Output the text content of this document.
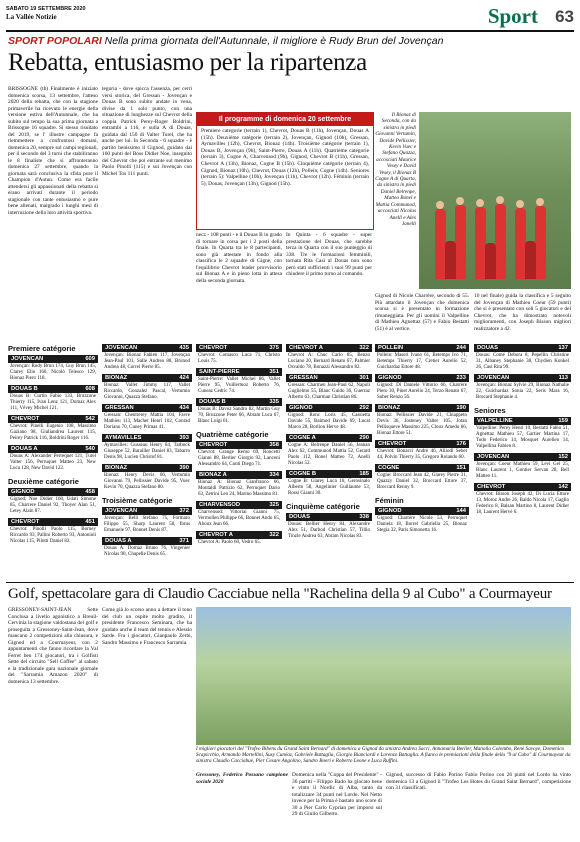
SABATO 19 SETTEMBRE 2020
La Vallée Notizie	Sport 63
SPORT POPOLARI Nella prima giornata dell'Autunnale, il migliore è Rudy Brun del Jovençan
Rebatta, entusiasmo per la ripartenza
BRISSOGNE (tb) Finalmente è iniziato domenica scorsa, 13 settembre, l'atteso 2020 della rebatta, che con la stagione primaverile ha ricevuto le energie della versione estiva dell'Autunnale, che ha subito sul tempo la sua prima giornata a Brissogne 16 squadre. Si stesso risultato del 2019, se l' illustre campagne fa riemmettere a confrontosi domani, domenica 20, sempre sul campi regionali, per il secondo del 3 turni che stabiliranno le 8 finaliste che si affronteranno domenica 27 settembre, quando la giornata sarà conclusiva la sfida pure il Champion d'Autun. Come era facile attendersi gli appassionati della rebatta si erano arrivati durante il periodo stagionale con tante entusiasmo e pure bene allenati, malgrado i lunghi mesi di interruzione della loro attività sportiva.
tegoria - dove spicca l'assenza, per cerri versi storica, del Gressan - Jovençan e Douas B sono subito andate in vena, divise da 1 solo punto, con una situazione di lunghezze sul Chevrot della coppia Patrick Perey-Roger Boldrini, entrambi a 116, e sulla A di Douas, guidata dal 150 di Valter Turel, che ha anche per lui. In Seconda - 6 squadre - è partito benissimo il Gignod, guidato dai 160 punti del Boss Didier Noe, insegnito del Chevrot che poi entrante sul menimo Paolo Pinolli (115) e sui Jovençan con Michel Tos 111 punti.
Il programme di domenica 20 settembre
Premiere categorie (terrain 1), Chevrot, Douas B (11h), Jovençan, Douas A (15h). Deuxième catégorie (terrain 2), Jovençan, Gignod (10h), Gressan, Aymavilles (12h), Chevrot, Bionaz (14h). Troisième catégorie (terrain 1), Douas B, Jovençan (9h), Saint-Pierre, Douas A (11h). Quatrième catégorie (terrain 3), Cogne A, Charvensod (9h), Gignod, Chevrot B (11h), Gressan, Chevrot A (13h), Bionaz, Cogne B (15h). Cinquième catégorie (terrain 4), Gignod, Bionaz (10h), Chevrot, Douas (12h), Pollein, Cogne (14h). Seniores (terrain 5): Valpelline (10h), Jovençan (11h), Chevrot (12h). Féminin (terrain 5), Douas, Jovençan (13h), Gignod (15h).
necz - 108 punti - e il Douas B in grado di tornare in corsa per i 2 posti della finale. In Quarta tra le 8 partecipanti, sono già attestate in fondo alla classifica le 2 squadre di Gigne, con l'equilibrio Chevrot leader provvisorio sul Bionaz A e in pieno lotta in attesa della seconda giornata.
In Quinta - 6 squadre - super prestazione del Douas, che sarebbe terza in Quarta con il suo punteggio di 338. Tre le formazioni femminili, tornata Rita Casi al Douas non sono però stati sufficienti i suoi 99 punti per chiudere il primo turno al comando.
Il Bionaz di Seconda, con da sinistra in piedi Giovanni Vertumin, Davide Pellissier, Kevin Vuec e Stefano Quazza, accosciati Maurice Vesey e David Vesey, il Bionaz B Cogne A di Quarta, da sinistra in piedi Daniel Belrenpe, Matteo Bonel e Mattia Communod, accosciati Nicolas Anelli e Alex Janelli
Gignod di Nicole Charrère, secondo di 55. Più attardato il Jovençan che domenica scorsa si è presentato in formazione rimaneggiata. Per gli uomini il Valpelline di Mathieu Agnettaz (57) e Fabio Bestatti (51) è al vertice.
10 nel finale) guida la classifica e 5 seguito del Jovençan di Mathieu Coeur (59 punti) che si è presentato con soli 5 giocatori e del Chevrot, che ha dimostrato notevoli miglioramenti, con Joseph Bisson migliori realizzatore a 42.
Premiere catégorie
JOVENCAN	609
Jovençan: Rudy Brun 174, Guy Brun 145, Clarey Elio 160, Nicolò Telesco 129, Bionaz Piero 118.
DOUAS B	608
Douas B: Curtin Fabio 133, Bruzzone Thierry 115, Ivan Lenz 121, Domaz Alex 111, Vévey Michel 121.
CHEVROT	542
Chevrot: Pinelli Eugenio 108, Massimo Gaziano 98, Giuliandrea Laurent 115, Peirey Patrick 116, Boldrini Roger 116.
DOUAS A	540
Douas A: Alexander Perrequet 121, Turel Valter 156, Perruquet Matteo 23, New Luca 128, New David 122.
Deuxième catégorie
GIGNOD	458
Gignod: Noe Didier 160, Udati Simone 85, Charrere Daniel 92, Thoyer Alan 51, Letey Alain 87.
CHEVROT	451
Chevrot: Pinolli Paolo 115, Borney Riccardo 93, Pallini Roberto 93, Antonioli Nicolas 115, Pilotti Daniel 82.
JOVENCAN	435
Jovençan: Bionaz Fabien 117, Jovençan Jean-Paul 101, Salle Andrea 88, Brunod Andrea 48, Correl Pierre 85.
BIONAZ	424
Bionaz: Vallet Jimmy 117, Vallet Riccardo, Gonzalez Pascal, Vertumin Giovanni, Quazza Stefano.
GRESSAN	434
Gressan: Chentrerey Mattia 104, Favre Mathieu 113, Machet Henri 102, Conrad Doriano 70, Cuney Primas 41.
AYMAVILLES	393
Aymavilles: Gusseau Henry 84, Tarbock Giuseppe 52, Barailler Daniel 83, Tabarro Denis 98, Lucien Christof 81.
BIONAZ	390
Bionaz: Henry Devis 66, Vertumin Giovanni 79, Pellissier Davide 95, Vuec Kevin 70, Quazza Stefano 80.
Troisième catégorie
JOVENCAN	372
Jovençan: Belli Stefano 75, Formaro Filippo 55, Sharp Laurent 58, Ibrus Emanuele 97, Bonnet Denis 87.
DOUAS A	371
Douas A: Domaz Bruno 76, Vingenier Nicolas 90, Chapelle Denis 65.
CHEVROT	375
Chevrot: Comasco Luca 71, Christo Louis 75.
SAINT-PIERRE	351
Saint-Pierre: Vallet Michel 86, Vallet Pierre 95, Vuillermoz Roberto 76, Cuneaz Cedric 74.
DOUAS B	335
Douas B: Davoz Sandro 82, Martin Guy 70, Bruzzone Peter 66, Abram Luca 67, Blanc Luigi 61.
Quatrième catégorie
CHEVROT	358
Chevrot: Grange Remo 69, Roncetti Gianni 88, Berlier Giorgio 92, Lanceni Alessandro 64, Conti Diego 71.
BIONAZ A	334
Bionaz A: Bionaz Gianfranco 66, Montaldi Patrizio 62, Perruquet Dario 63, Zetrini Leo 24, Marino Massimo 81.
CHARVENSOD	325
Charvensod: Vittoriai Gianni 75, Vermollen Philippe 66, Bonnet Ando 65, Aboux Jean 66.
CHEVROT A	322
Chevrot A: Paolo 60, Vedro 65.
CHEVROT A	322
Chevrot A: Chuc Carlo 85, Benzo Luciano 20, Bernard Renato 67, Palmier Osvaldo 78, Bonazzi Alessandro 82.
GRESSAN	301
Gressan: Charmen Jean-Paul 62, Napoli Guglielmo 55, Blanc Guido 36, Guerraz Alberto 63, Charman Christian 86.
GIGNOD	292
Gignod: Ronc Loris 45, Cassietta Davide 55, Baimod Davide 69, Lucat Marco 28, Borlion Herve 48.
COGNE A	290
Cogne A: Belrenpe Daniel 56, Jeanan Alex 62, Communod Mattia 52, Gerard Paolo 112, Bonel Matteo 72, Anelli Nicolas 52.
COGNE B	185
Cogne B: Glarey Luca 16, Gerosinalo Alberto 58, Angelinier Guillaume 53, Rossi Gianni 30.
Cinquième catégorie
DOUAS	338
Douas: Bellier Henry 84, Alexandre Alex 51, Darbod Christian 57, Tillio Tinzle Andrea 63, Abram Nicolas 83.
POLLEIN	244
Pollein: Maseri Ivano 61, Betemps Ivo 71, Betemps Thierry 17, Cretier Aurelio 52, Guichardaz Ettore 48.
GIGNOD	233
Gignod: Di Daniele Vittorio 66, Charrère Piero 30, Pinet Aurelio 24, Terzo Renato 67, Suber Renzo 56.
BIONAZ	190
Bionaz: Pellissier Davide 21, Chiappeto Devis 36, Josteney Valter 105, Jotan Pellisqueve Massimo 225, Cloux Amedo 66, Bionaz Ettore 51.
CHEVROT	176
Chevrot: Bonacci Andrè 46, Alliodi Sebet 44, Polvin Thierry 35, Gregoro Rolando 60.
COGNE	151
Cogne: Broccard Jean 42, Glarey Pierre 31, Quazzy Daniel 32, Broccard Ettore 37, Broccard Renny 9.
Féminin
GIGNOD	144
Gignod: Charrère Nicole 53, Perruquet Daniela 18, Borrel Gabriella 25, Bionaz Stegia 32, Paris Simonetta 16.
DOUAS	137
Douas: Comé Debora 8, Pepellin Christine 31, Albaney Stephanie 38, Chydien Konkel 26, Casi Rita 99.
JOVENCAN	113
Jovençan: Bionaz Sylvie 29, Bionaz Nathalie 22, Guichardaz Sonia 22, Seris Mara 16, Brocard Stephanie 4.
Seniores
VALPELLINE	159
Valpelline: Perey Henri 10, Bestatti Fabio 51, Agnettaz Mathieu 57, Gartier Martina 17, Todo Federico 14, Mosquet Aurelien 14, Valpellina Fabien 8.
JOVENCAN	152
Jovençan: Coeur Mathieu 59, Levi Gel 25, Blanc Laurent 1, Gontier Servan 28, Bell Matteo 11.
CHEVROT	142
Chevrot: Bisson Joseph 42, Di Lucia Ettore 13, Moroz Andre 26, Baldo Nicola 17, Gaglio Federico 8, Balsan Martino 8, Laurent Didier 18, Laurent Hervé 6.
Golf, spettacolare gara di Claudio Cacciabue nella "Rachelina della 9 al Cubo" a Courmayeur
GRESSONEY-SAINT-JEAN Sette Conclusa a livello agonistico a Breuil-Cervinia la stagione valdostana del golf e proseguita a Gressoney-Saint-Jean, dove mancano 2 competizioni alla chiusura, e Gignod ed a Courmayeur, con 2 appuntamenti che fanno ricordare la Val Ferret ben 174 giocatori, tra i Golfisti Sette del circuito "Sell Coffee" al sabato e la tradizionale gara nazionale giornale del "Sarramia Amazon 2020" di domenica 13 settembre.
Come già lo scorso anno a dettare il tono del club un ospite molto gradito, il presidente Francesco Seminara, che ha guidato anche il team del tennis e Alessio Sarde. Fra i giocatori, Gianpaolo Zerbi, Sandro Massimo e Francesco Sarramia.
I migliori giocatori del "Trofeo Bibens du Grand Saint Bernard" di domenica a Gignod da sinistra Andrea Sacci, Annamaria Berlier, Manolla Colombo, René Savoye, Domenico Scapicchio, Armando Martellini, Susy Cunéaz, Gabriele Battaglia, Giorgio Bianciardi e Lorenzo Battaglia. A fianco le premiazioni della finale della "9 al Cubo" di Courmayeur da sinistra Claudio Cacciabue, Pier Cesare Angolino, Sandro Boeri e Roberto Leone e Luca Ruffini.
Gressoney, Federico Possano campione sociale 2020
Domenica nella "Coppa del Presidente" - 36 partiti - Filippo Bado ha giocato bene e vinto il Nordic di Alba, tanto da totalizzare 34 punti nel Lordo. Nel Netto invece per la Prima è bastato uno score di 30 a Pier Carlo Cyprian per imporsi sul 29 di Giulio Gilberto.
Gignod, successo di Fabio Porino Fabio Porino con 26 punti nel Lordo ha vinto domenica 13 a Gignod il "Trofeo Les Hotes du Grand Saint Bernard", competizione con 31 classificati.
